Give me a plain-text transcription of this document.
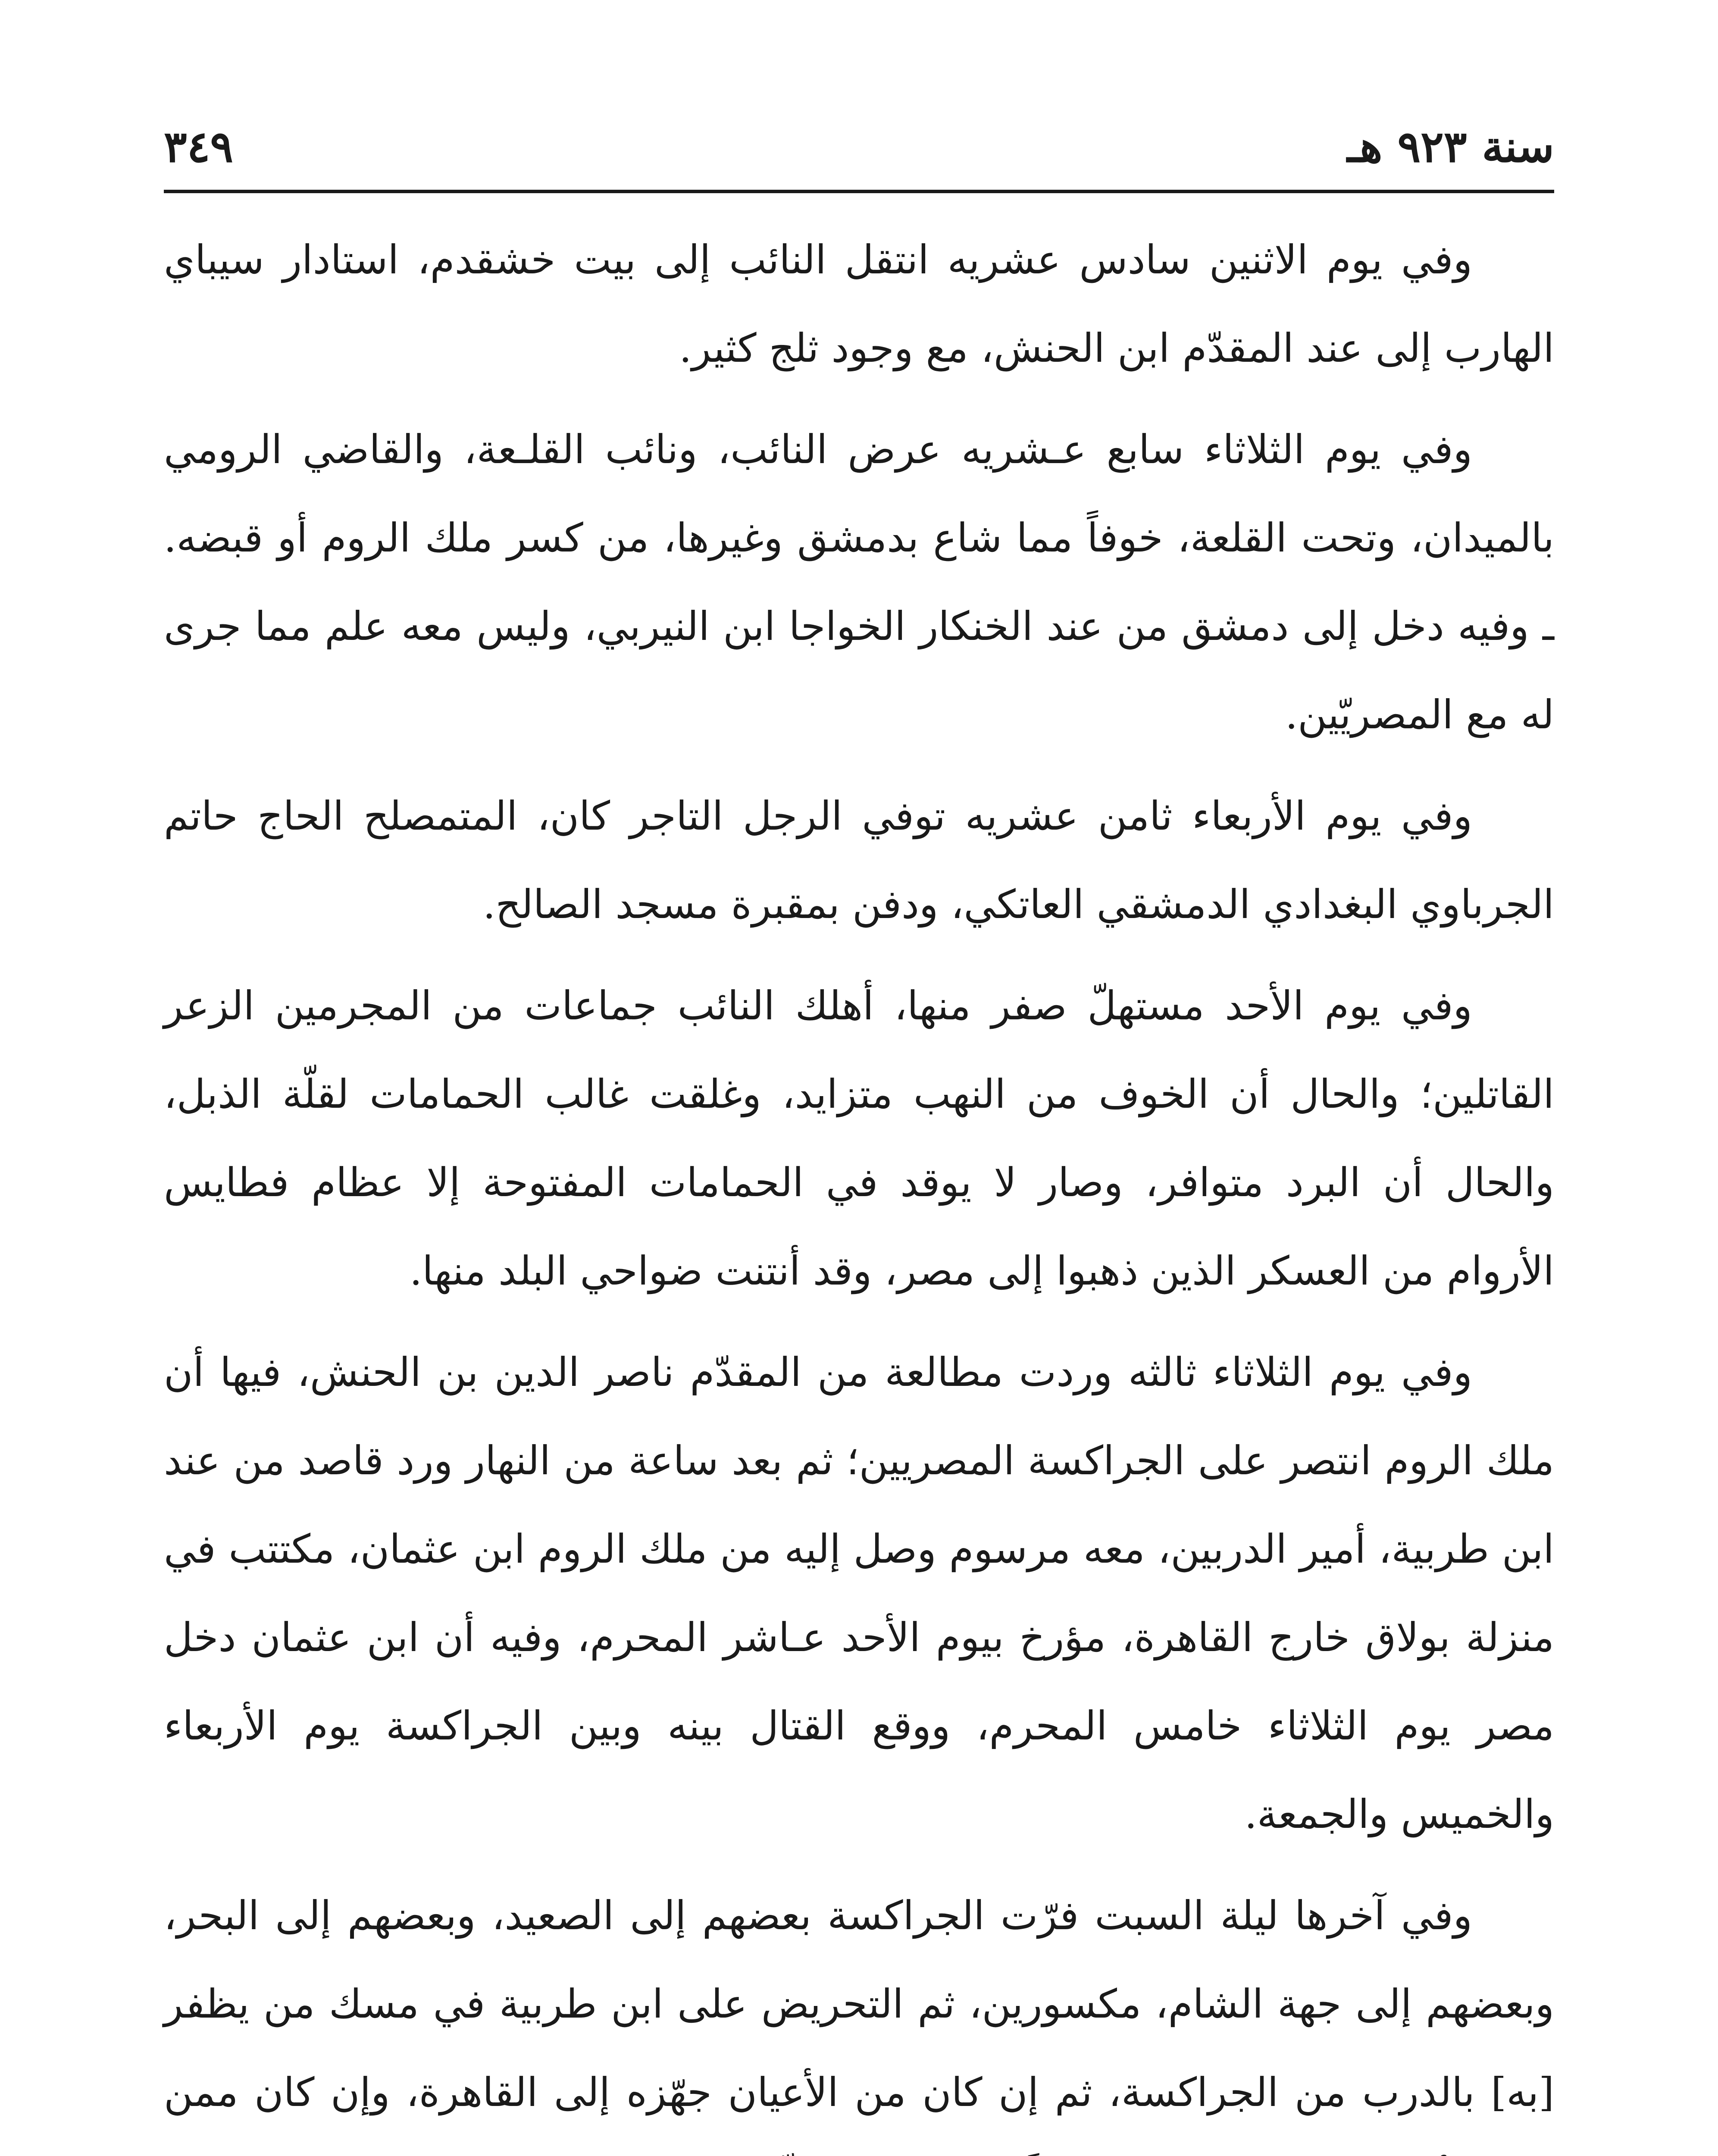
سنة ٩٢٣ هـ
٣٤٩

وفي يوم الاثنين سادس عشريه انتقل النائب إلى بيت خشقدم، استادار سيباي الهارب إلى عند المقدّم ابن الحنش، مع وجود ثلج كثير.

وفي يوم الثلاثاء سابع عـشريه عرض النائب، ونائب القلـعة، والقاضي الرومي بالميدان، وتحت القلعة، خوفاً مما شاع بدمشق وغيرها، من كسر ملك الروم أو قبضه. ـ وفيه دخل إلى دمشق من عند الخنكار الخواجا ابن النيربي، وليس معه علم مما جرى له مع المصريّين.

وفي يوم الأربعاء ثامن عشريه توفي الرجل التاجر كان، المتمصلح الحاج حاتم الجرباوي البغدادي الدمشقي العاتكي، ودفن بمقبرة مسجد الصالح.

وفي يوم الأحد مستهلّ صفر منها، أهلك النائب جماعات من المجرمين الزعر القاتلين؛ والحال أن الخوف من النهب متزايد، وغلقت غالب الحمامات لقلّة الذبل، والحال أن البرد متوافر، وصار لا يوقد في الحمامات المفتوحة إلا عظام فطايس الأروام من العسكر الذين ذهبوا إلى مصر، وقد أنتنت ضواحي البلد منها.

وفي يوم الثلاثاء ثالثه وردت مطالعة من المقدّم ناصر الدين بن الحنش، فيها أن ملك الروم انتصر على الجراكسة المصريين؛ ثم بعد ساعة من النهار ورد قاصد من عند ابن طربية، أمير الدربين، معه مرسوم وصل إليه من ملك الروم ابن عثمان، مكتتب في منزلة بولاق خارج القاهرة، مؤرخ بيوم الأحد عـاشر المحرم، وفيه أن ابن عثمان دخل مصر يوم الثلاثاء خامس المحرم، ووقع القتال بينه وبين الجراكسة يوم الأربعاء والخميس والجمعة.

وفي آخرها ليلة السبت فرّت الجراكسة بعضهم إلى الصعيد، وبعضهم إلى البحر، وبعضهم إلى جهة الشام، مكسورين، ثم التحريض على ابن طربية في مسك من يظفر [به] بالدرب من الجراكسة، ثم إن كان من الأعيان جهّزه إلى القاهرة، وإن كان ممن
